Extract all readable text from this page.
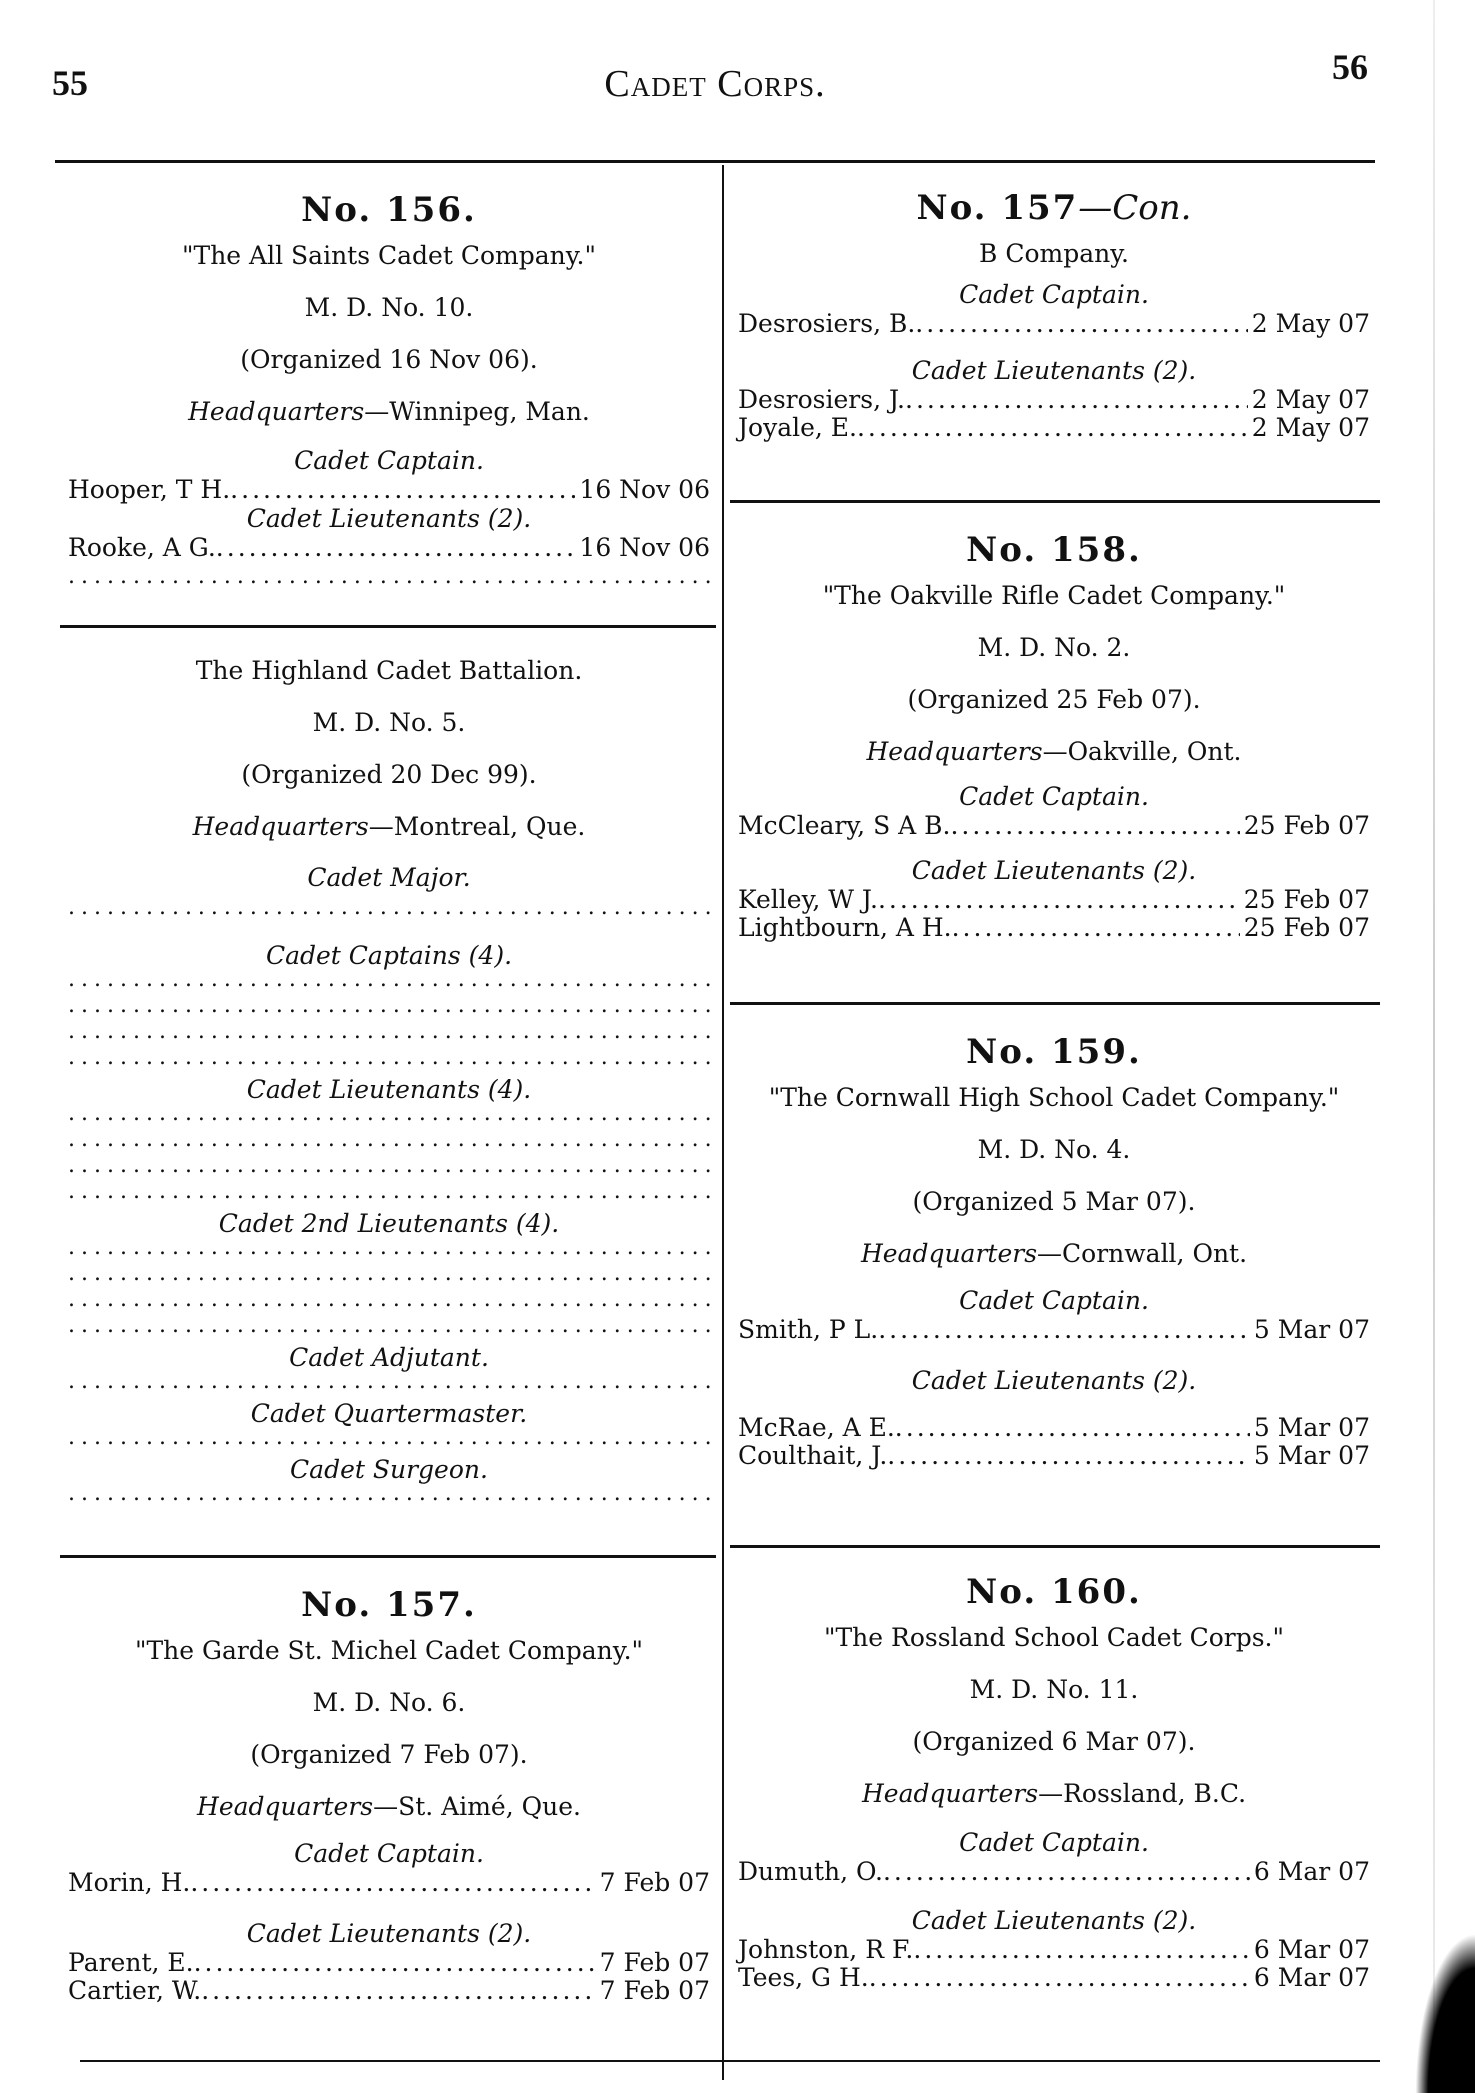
55	Cadet Corps.	56
No. 156.
"The All Saints Cadet Company."
M. D. No. 10.
(Organized 16 Nov 06).
Headquarters—Winnipeg, Man.
Cadet Captain.
Hooper, T H. .....	16 Nov 06
Cadet Lieutenants (2).
Rooke, A G. .....	16 Nov 06
.....
The Highland Cadet Battalion.
M. D. No. 5.
(Organized 20 Dec 99).
Headquarters—Montreal, Que.
Cadet Major.
.....
Cadet Captains (4).
.....
.....
.....
.....
Cadet Lieutenants (4).
.....
.....
.....
.....
Cadet 2nd Lieutenants (4).
.....
.....
.....
.....
Cadet Adjutant.
.....
Cadet Quartermaster.
.....
Cadet Surgeon.
.....
No. 157.
"The Garde St. Michel Cadet Company."
M. D. No. 6.
(Organized 7 Feb 07).
Headquarters—St. Aimé, Que.
Cadet Captain.
Morin, H. .....	7 Feb 07
Cadet Lieutenants (2).
Parent, E. .....	7 Feb 07
Cartier, W. .....	7 Feb 07
No. 157—Con.
B Company.
Cadet Captain.
Desrosiers, B. .....	2 May 07
Cadet Lieutenants (2).
Desrosiers, J. .....	2 May 07
Joyale, E. .....	2 May 07
No. 158.
"The Oakville Rifle Cadet Company."
M. D. No. 2.
(Organized 25 Feb 07).
Headquarters—Oakville, Ont.
Cadet Captain.
McCleary, S A B. .....	25 Feb 07
Cadet Lieutenants (2).
Kelley, W J. .....	25 Feb 07
Lightbourn, A H. .....	25 Feb 07
No. 159.
"The Cornwall High School Cadet Company."
M. D. No. 4.
(Organized 5 Mar 07).
Headquarters—Cornwall, Ont.
Cadet Captain.
Smith, P L. .....	5 Mar 07
Cadet Lieutenants (2).
McRae, A E. .....	5 Mar 07
Coulthait, J. .....	5 Mar 07
No. 160.
"The Rossland School Cadet Corps."
M. D. No. 11.
(Organized 6 Mar 07).
Headquarters—Rossland, B.C.
Cadet Captain.
Dumuth, O. .....	6 Mar 07
Cadet Lieutenants (2).
Johnston, R F. .....	6 Mar 07
Tees, G H. .....	6 Mar 07
